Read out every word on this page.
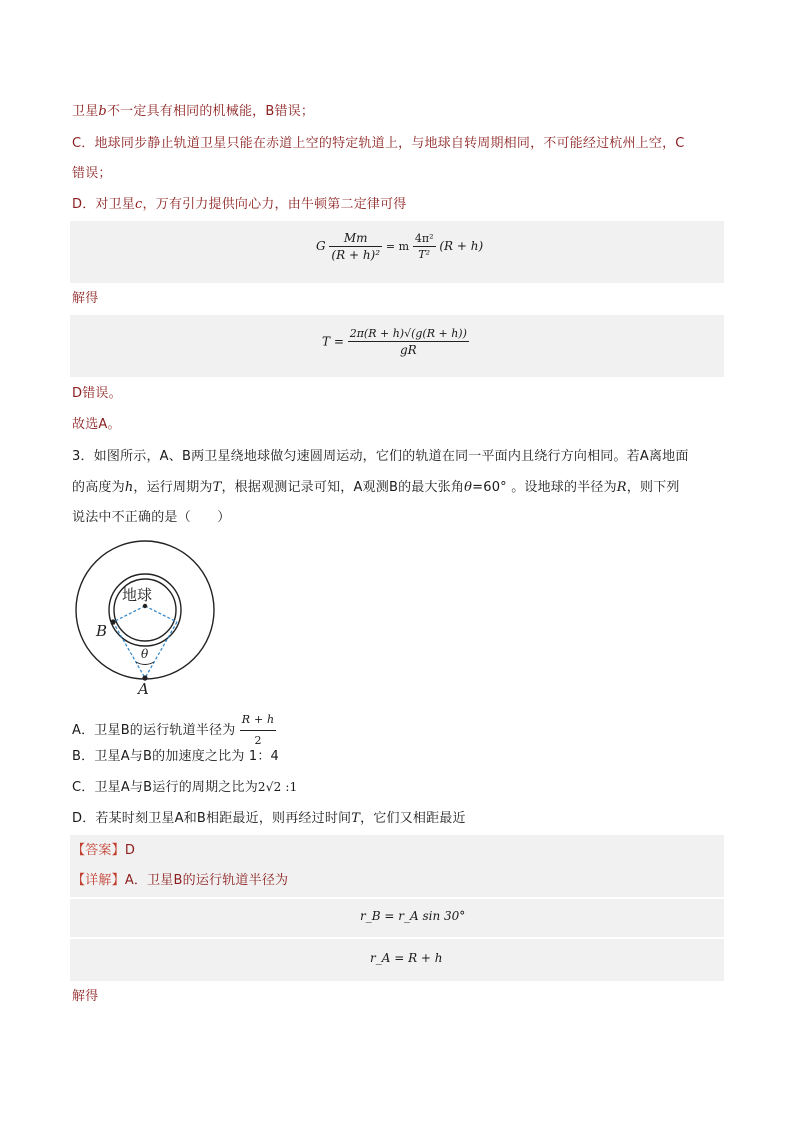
卫星b不一定具有相同的机械能，B错误；
C．地球同步静止轨道卫星只能在赤道上空的特定轨道上，与地球自转周期相同，不可能经过杭州上空，C
错误；
D．对卫星c，万有引力提供向心力，由牛顿第二定律可得
G $\frac{Mm}{\text{(R + h)²}} = m \frac{\text{4π²}}{\text{T²}} (R + h)$
解得
$T = \frac{2\pi(R + h)√(g(R + h))}{gR}$
D错误。
故选A。
3．如图所示，A、B两卫星绕地球做匀速圆周运动，它们的轨道在同一平面内且绕行方向相同。若A离地面
的高度为h，运行周期为T，根据观测记录可知，A观测B的最大张角θ=60° 。设地球的半径为R，则下列
说法中不正确的是（　　）
地球
B
A
θ
A．卫星B的运行轨道半径为 $\frac{R + h}{2}$
B．卫星A与B的加速度之比为 1：4
C．卫星A与B运行的周期之比为2√2 :1
D．若某时刻卫星A和B相距最近，则再经过时间T，它们又相距最近
【答案】D
【详解】A．卫星B的运行轨道半径为
r_B = r_A sin 30°
r_A = R + h
解得
